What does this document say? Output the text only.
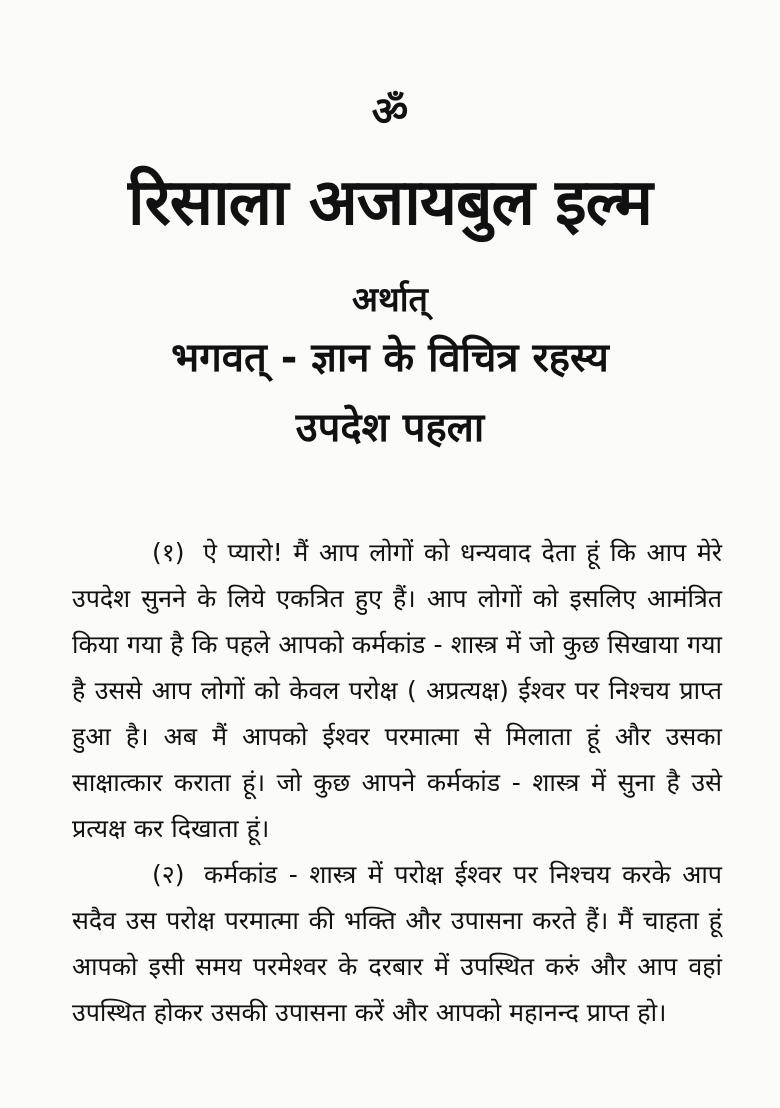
ॐ
रिसाला अजायबुल इल्म
अर्थात्
भगवत् - ज्ञान के विचित्र रहस्य
उपदेश पहला

(१) ऐ प्यारो! मैं आप लोगों को धन्यवाद देता हूं कि आप मेरे उपदेश सुनने के लिये एकत्रित हुए हैं। आप लोगों को इसलिए आमंत्रित किया गया है कि पहले आपको कर्मकांड - शास्त्र में जो कुछ सिखाया गया है उससे आप लोगों को केवल परोक्ष ( अप्रत्यक्ष) ईश्वर पर निश्चय प्राप्त हुआ है। अब मैं आपको ईश्वर परमात्मा से मिलाता हूं और उसका साक्षात्कार कराता हूं। जो कुछ आपने कर्मकांड - शास्त्र में सुना है उसे प्रत्यक्ष कर दिखाता हूं।

(२) कर्मकांड - शास्त्र में परोक्ष ईश्वर पर निश्चय करके आप सदैव उस परोक्ष परमात्मा की भक्ति और उपासना करते हैं। मैं चाहता हूं आपको इसी समय परमेश्वर के दरबार में उपस्थित करुं और आप वहां उपस्थित होकर उसकी उपासना करें और आपको महानन्द प्राप्त हो।
